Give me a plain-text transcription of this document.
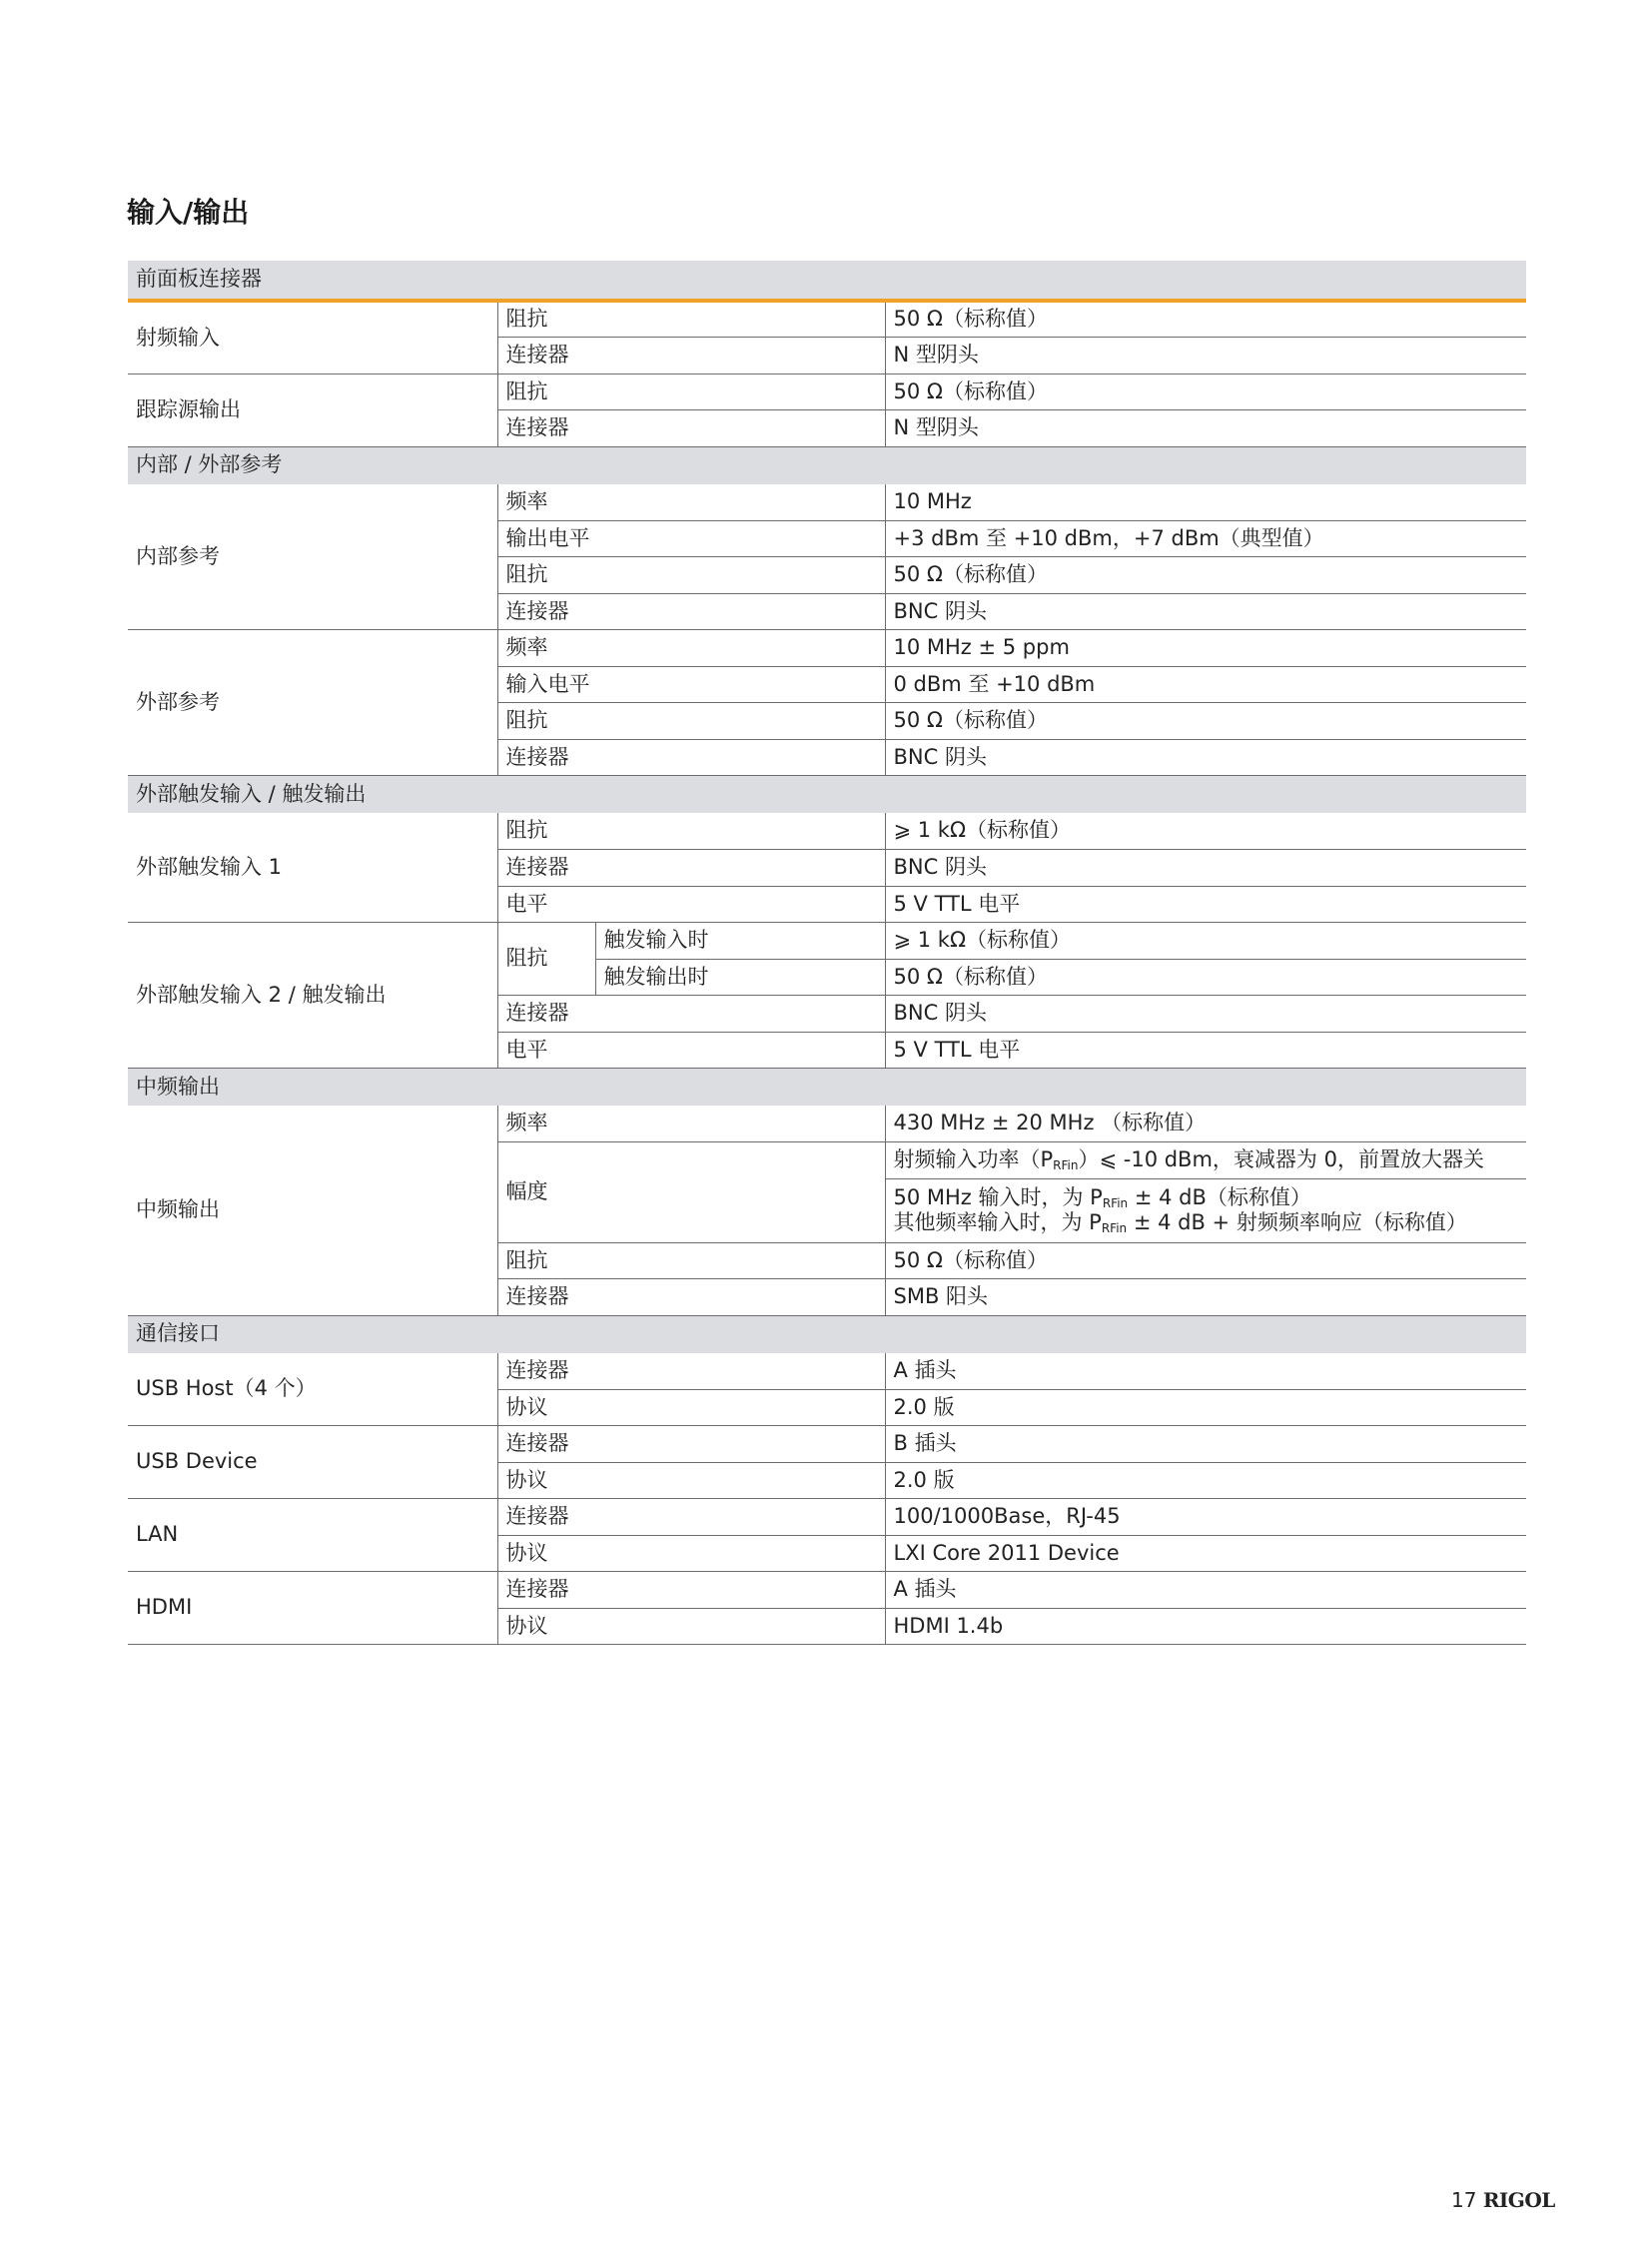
输入/输出
前面板连接器			
射频输入	阻抗		50 Ω（标称值）
	连接器		N 型阴头
跟踪源输出	阻抗		50 Ω（标称值）
	连接器		N 型阴头
内部 / 外部参考			
内部参考	频率		10 MHz
	输出电平		+3 dBm 至 +10 dBm，+7 dBm（典型值）
	阻抗		50 Ω（标称值）
	连接器		BNC 阴头
外部参考	频率		10 MHz ± 5 ppm
	输入电平		0 dBm 至 +10 dBm
	阻抗		50 Ω（标称值）
	连接器		BNC 阴头
外部触发输入 / 触发输出			
外部触发输入 1	阻抗		⩾ 1 kΩ（标称值）
	连接器		BNC 阴头
	电平		5 V TTL 电平
外部触发输入 2 / 触发输出	阻抗	触发输入时	⩾ 1 kΩ（标称值）
		触发输出时	50 Ω（标称值）
	连接器		BNC 阴头
	电平		5 V TTL 电平
中频输出			
中频输出	频率		430 MHz ± 20 MHz （标称值）
	幅度		射频输入功率$(P_{RFin})⩽$ -10 dBm，衰减器为 0，前置放大器关

			50 MHz 输入时，为 $P_{RFin} \pm 4$ dB（标称值）
其他频率输入时，为 $P_{RFin} \pm 4$ dB + 射频频率响应（标称值）

	阻抗		50 Ω（标称值）
	连接器		SMB 阳头
通信接口			
USB Host（4 个）	连接器		A 插头
	协议		2.0 版
USB Device	连接器		B 插头
	协议		2.0 版
LAN	连接器		100/1000Base，RJ-45
	协议		LXI Core 2011 Device
HDMI	连接器		A 插头
	协议		HDMI 1.4b
17 RIGOL
